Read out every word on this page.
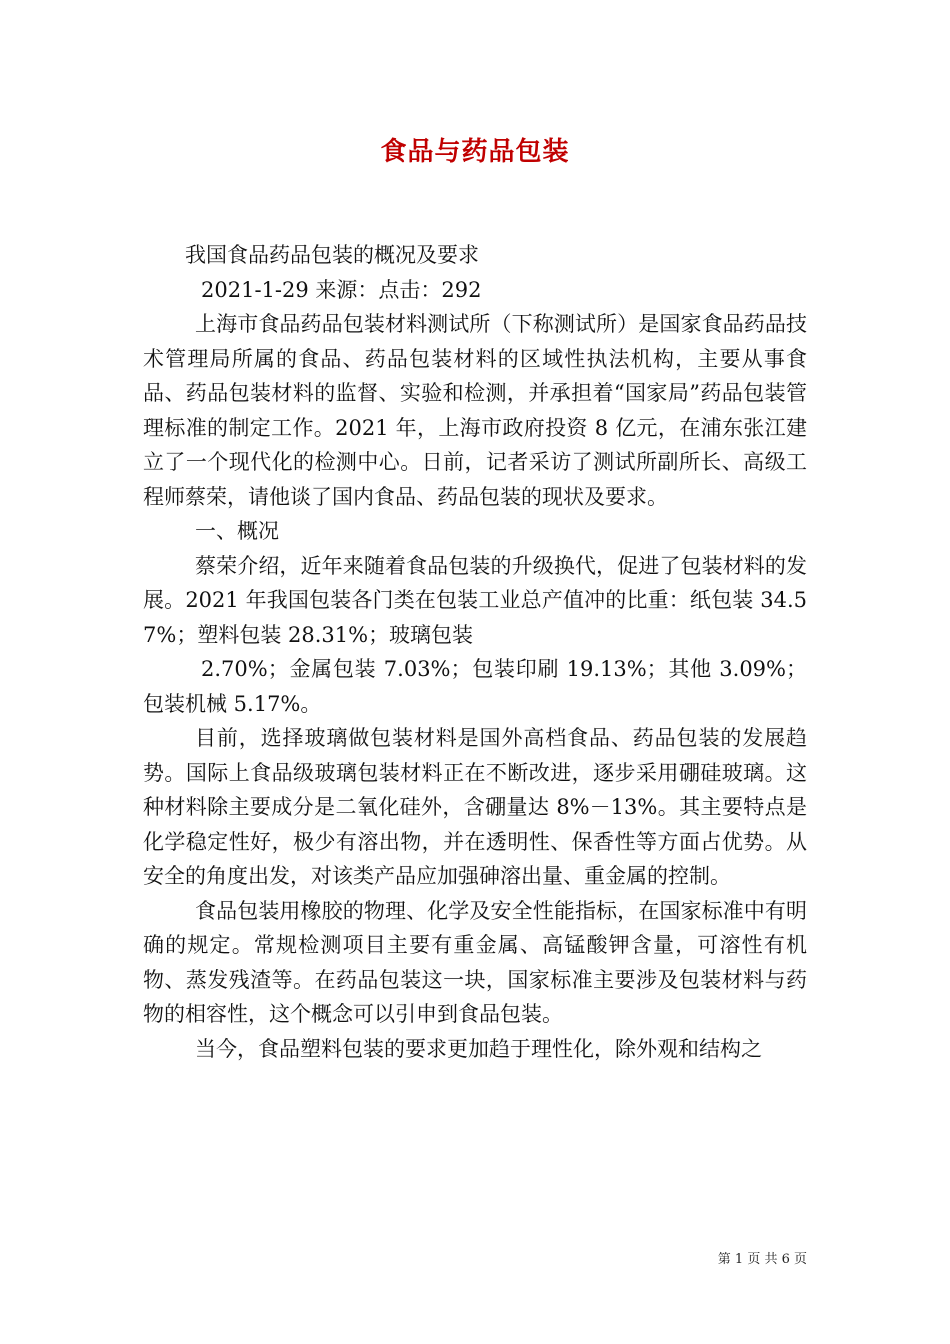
食品与药品包装

我国食品药品包装的概况及要求

2021-1-29 来源：点击：292

上海市食品药品包装材料测试所（下称测试所）是国家食品药品技术管理局所属的食品、药品包装材料的区域性执法机构，主要从事食品、药品包装材料的监督、实验和检测，并承担着“国家局”药品包装管理标准的制定工作。2021 年，上海市政府投资 8 亿元，在浦东张江建立了一个现代化的检测中心。日前，记者采访了测试所副所长、高级工程师蔡荣，请他谈了国内食品、药品包装的现状及要求。

一、概况

蔡荣介绍，近年来随着食品包装的升级换代，促进了包装材料的发展。2021 年我国包装各门类在包装工业总产值冲的比重：纸包装 34.57%；塑料包装 28.31%；玻璃包装

2.70%；金属包装 7.03%；包装印刷 19.13%；其他 3.09%；包装机械 5.17%。

目前，选择玻璃做包装材料是国外高档食品、药品包装的发展趋势。国际上食品级玻璃包装材料正在不断改进，逐步采用硼硅玻璃。这种材料除主要成分是二氧化硅外，含硼量达 8%－13%。其主要特点是化学稳定性好，极少有溶出物，并在透明性、保香性等方面占优势。从安全的角度出发，对该类产品应加强砷溶出量、重金属的控制。

食品包装用橡胶的物理、化学及安全性能指标，在国家标准中有明确的规定。常规检测项目主要有重金属、高锰酸钾含量，可溶性有机物、蒸发残渣等。在药品包装这一块，国家标准主要涉及包装材料与药物的相容性，这个概念可以引申到食品包装。

当今，食品塑料包装的要求更加趋于理性化，除外观和结构之

第 1 页 共 6 页
